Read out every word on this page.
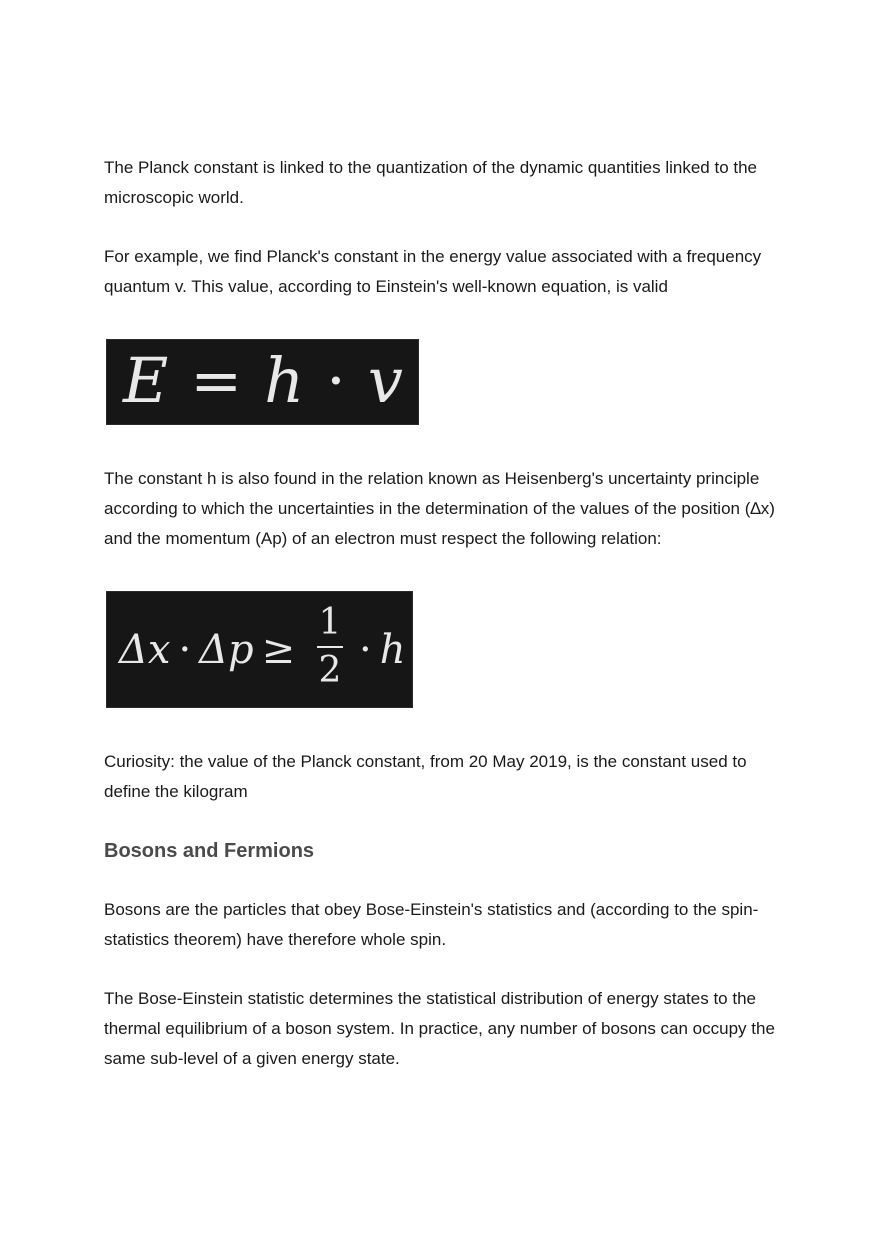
The Planck constant is linked to the quantization of the dynamic quantities linked to the microscopic world.

For example, we find Planck's constant in the energy value associated with a frequency quantum v. This value, according to Einstein's well-known equation, is valid

E = h · v

The constant h is also found in the relation known as Heisenberg's uncertainty principle according to which the uncertainties in the determination of the values of the position (∆x) and the momentum (Ap) of an electron must respect the following relation:

Δx · Δp ≥
1
2 · h

Curiosity: the value of the Planck constant, from 20 May 2019, is the constant used to define the kilogram

Bosons and Fermions

Bosons are the particles that obey Bose-Einstein's statistics and (according to the spin-statistics theorem) have therefore whole spin.

The Bose-Einstein statistic determines the statistical distribution of energy states to the thermal equilibrium of a boson system. In practice, any number of bosons can occupy the same sub-level of a given energy state.
